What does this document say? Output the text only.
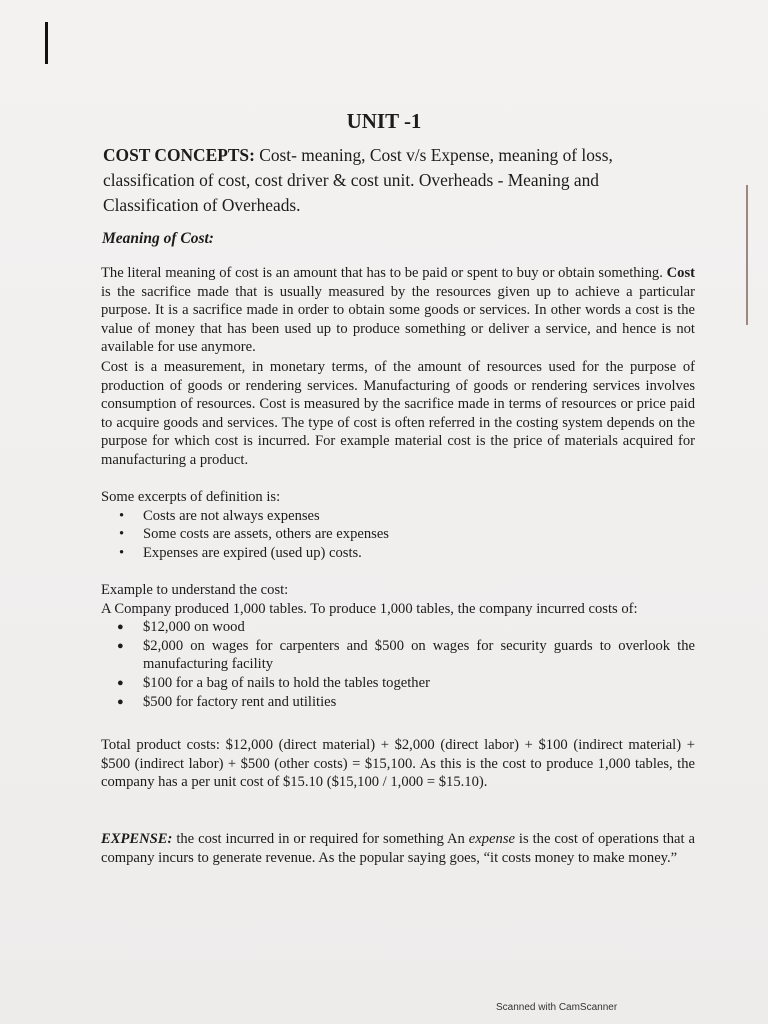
UNIT -1
COST CONCEPTS: Cost- meaning, Cost v/s Expense, meaning of loss, classification of cost, cost driver & cost unit. Overheads - Meaning and Classification of Overheads.
Meaning of Cost:

The literal meaning of cost is an amount that has to be paid or spent to buy or obtain something. Cost is the sacrifice made that is usually measured by the resources given up to achieve a particular purpose. It is a sacrifice made in order to obtain some goods or services. In other words a cost is the value of money that has been used up to produce something or deliver a service, and hence is not available for use anymore.

Cost is a measurement, in monetary terms, of the amount of resources used for the purpose of production of goods or rendering services. Manufacturing of goods or rendering services involves consumption of resources. Cost is measured by the sacrifice made in terms of resources or price paid to acquire goods and services. The type of cost is often referred in the costing system depends on the purpose for which cost is incurred. For example material cost is the price of materials acquired for manufacturing a product.

Some excerpts of definition is:

• Costs are not always expenses
• Some costs are assets, others are expenses
• Expenses are expired (used up) costs.

Example to understand the cost:

A Company produced 1,000 tables. To produce 1,000 tables, the company incurred costs of:

● $12,000 on wood
● $2,000 on wages for carpenters and $500 on wages for security guards to overlook the manufacturing facility
● $100 for a bag of nails to hold the tables together
● $500 for factory rent and utilities

Total product costs: $12,000 (direct material) + $2,000 (direct labor) + $100 (indirect material) + $500 (indirect labor) + $500 (other costs) = $15,100. As this is the cost to produce 1,000 tables, the company has a per unit cost of $15.10 ($15,100 / 1,000 = $15.10).

EXPENSE: the cost incurred in or required for something An expense is the cost of operations that a company incurs to generate revenue. As the popular saying goes, “it costs money to make money.”

Scanned with CamScanner
